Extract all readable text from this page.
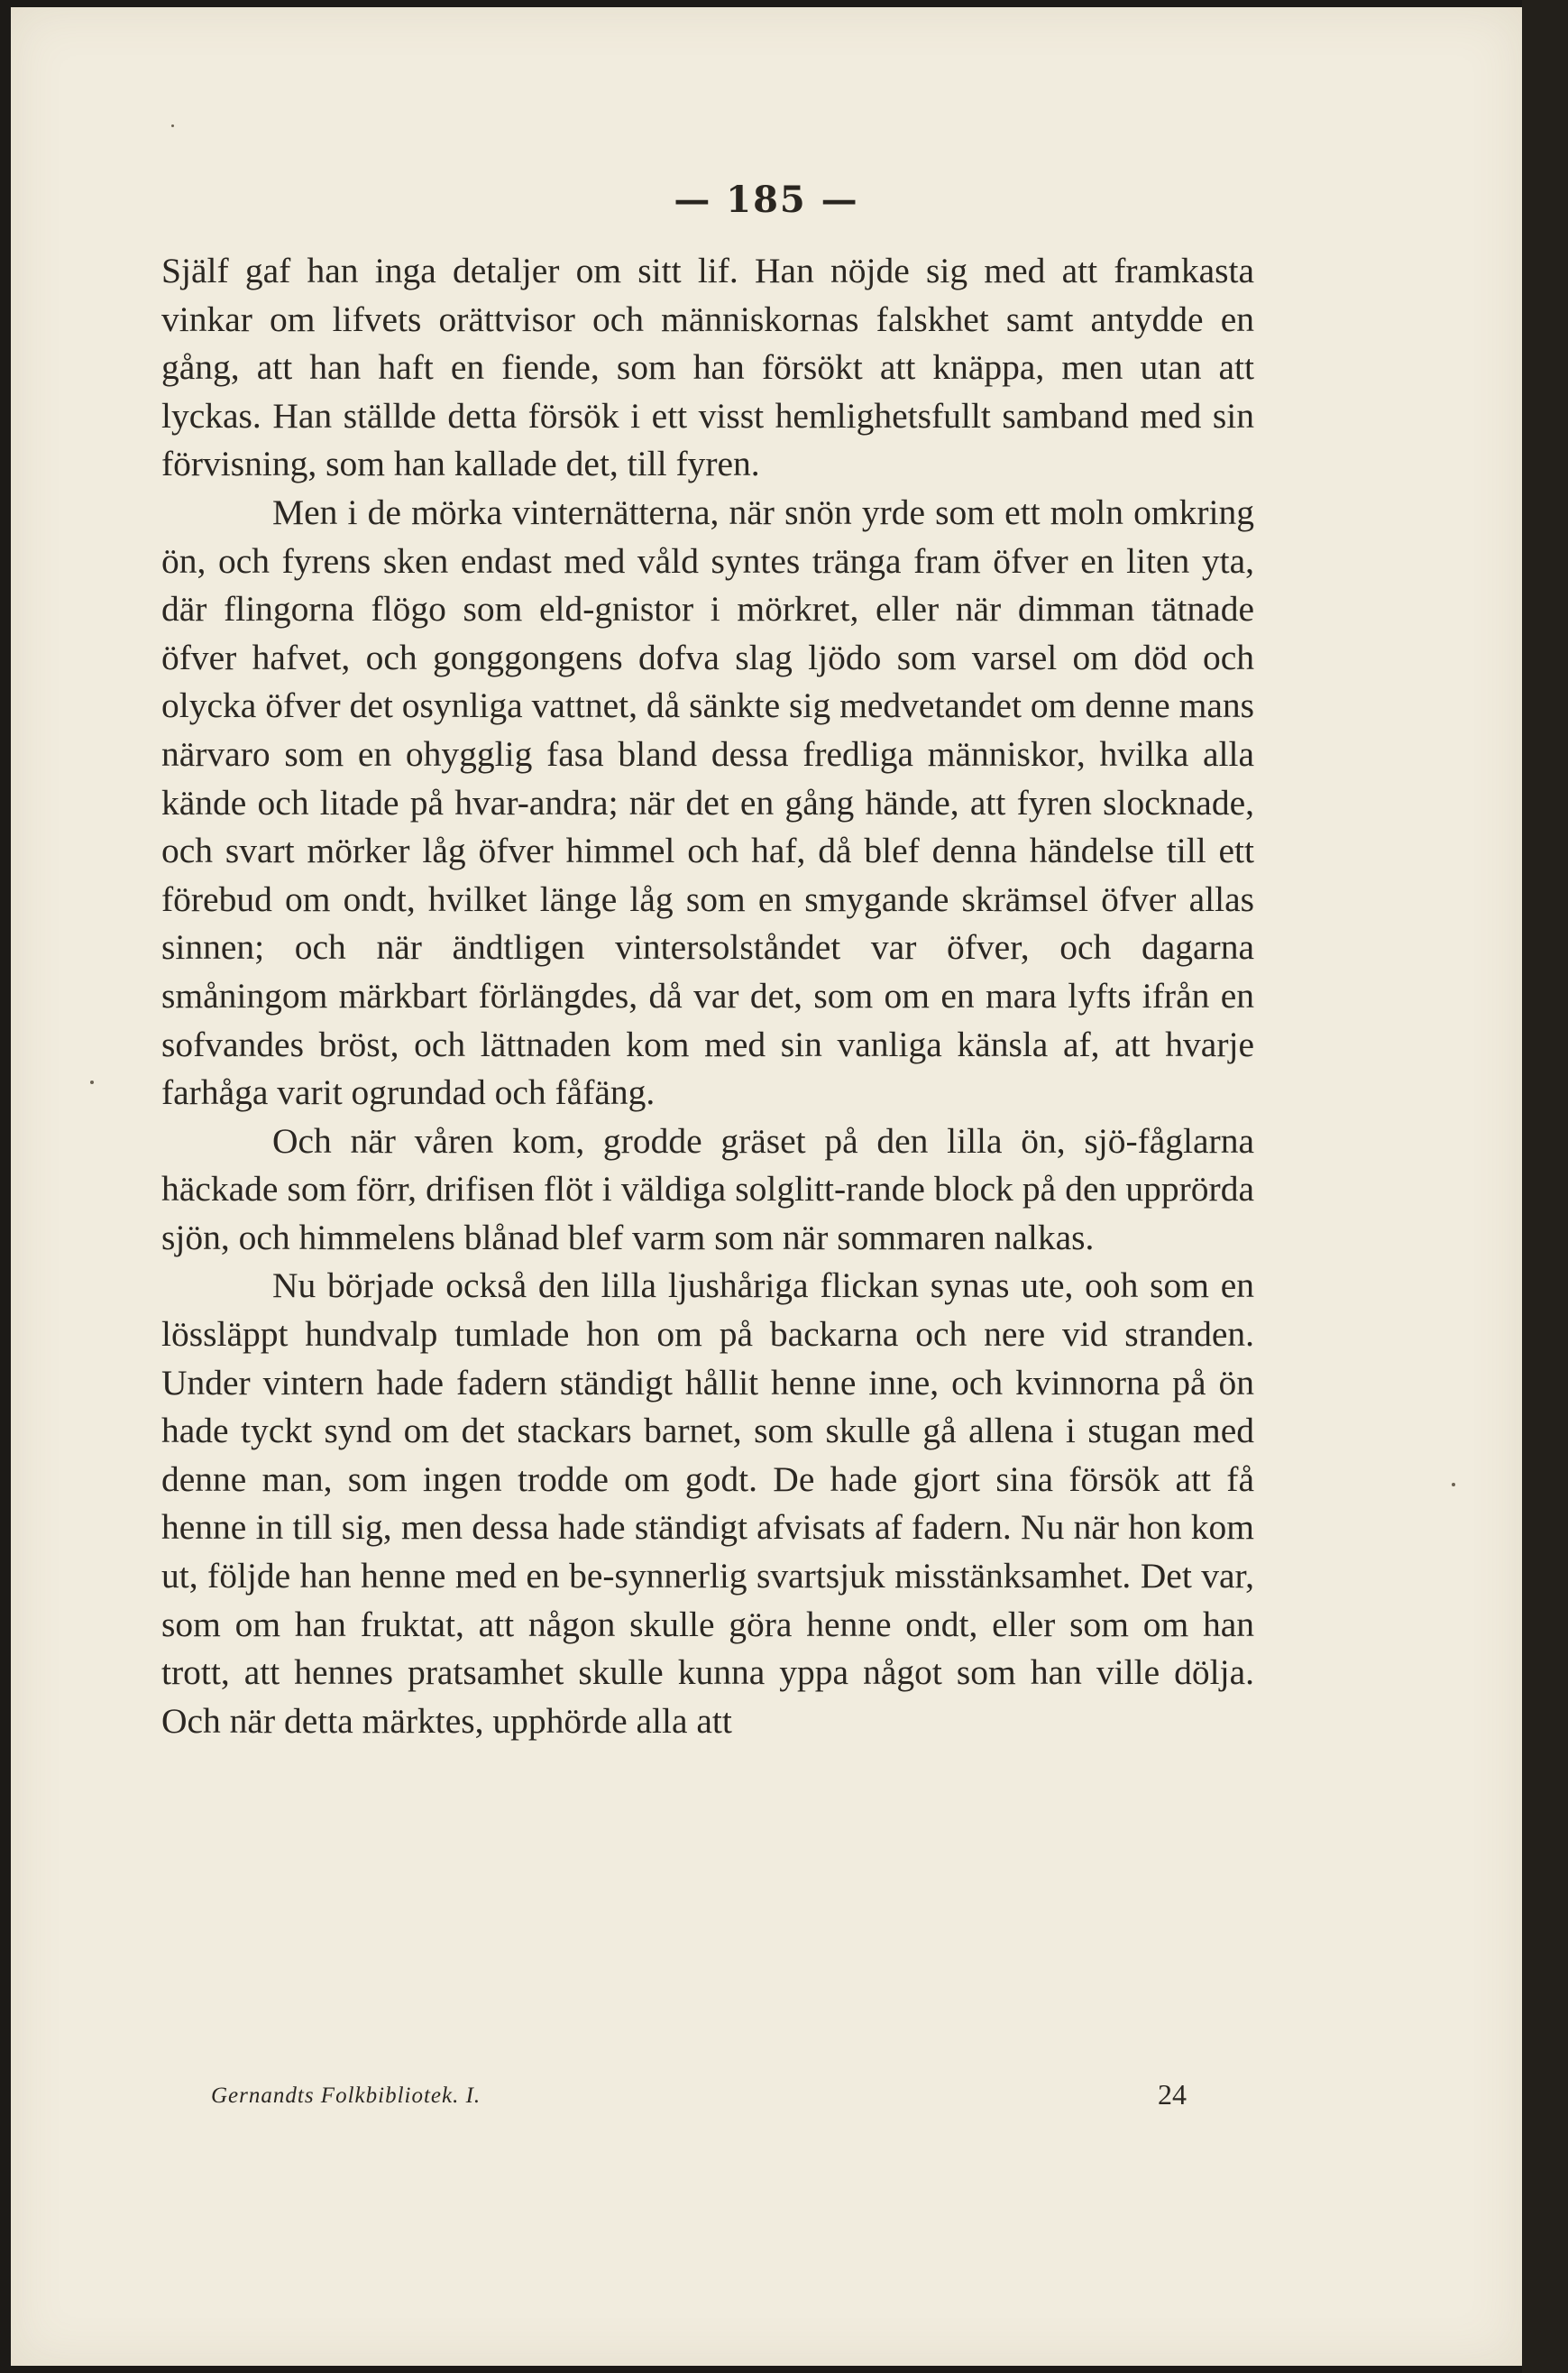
— 185 —

Själf gaf han inga detaljer om sitt lif. Han nöjde sig med att framkasta vinkar om lifvets orättvisor och människornas falskhet samt antydde en gång, att han haft en fiende, som han försökt att knäppa, men utan att lyckas. Han ställde detta försök i ett visst hemlighetsfullt samband med sin förvisning, som han kallade det, till fyren.

Men i de mörka vinternätterna, när snön yrde som ett moln omkring ön, och fyrens sken endast med våld syntes tränga fram öfver en liten yta, där flingorna flögo som eld-gnistor i mörkret, eller när dimman tätnade öfver hafvet, och gonggongens dofva slag ljödo som varsel om död och olycka öfver det osynliga vattnet, då sänkte sig medvetandet om denne mans närvaro som en ohygglig fasa bland dessa fredliga människor, hvilka alla kände och litade på hvar-andra; när det en gång hände, att fyren slocknade, och svart mörker låg öfver himmel och haf, då blef denna händelse till ett förebud om ondt, hvilket länge låg som en smygande skrämsel öfver allas sinnen; och när ändtligen vintersolståndet var öfver, och dagarna småningom märkbart förlängdes, då var det, som om en mara lyfts ifrån en sofvandes bröst, och lättnaden kom med sin vanliga känsla af, att hvarje farhåga varit ogrundad och fåfäng.

Och när våren kom, grodde gräset på den lilla ön, sjö-fåglarna häckade som förr, drifisen flöt i väldiga solglitt-rande block på den upprörda sjön, och himmelens blånad blef varm som när sommaren nalkas.

Nu började också den lilla ljushåriga flickan synas ute, ooh som en lössläppt hundvalp tumlade hon om på backarna och nere vid stranden. Under vintern hade fadern ständigt hållit henne inne, och kvinnorna på ön hade tyckt synd om det stackars barnet, som skulle gå allena i stugan med denne man, som ingen trodde om godt. De hade gjort sina försök att få henne in till sig, men dessa hade ständigt afvisats af fadern. Nu när hon kom ut, följde han henne med en be-synnerlig svartsjuk misstänksamhet. Det var, som om han fruktat, att någon skulle göra henne ondt, eller som om han trott, att hennes pratsamhet skulle kunna yppa något som han ville dölja. Och när detta märktes, upphörde alla att

Gernandts Folkbibliotek. I.	24
